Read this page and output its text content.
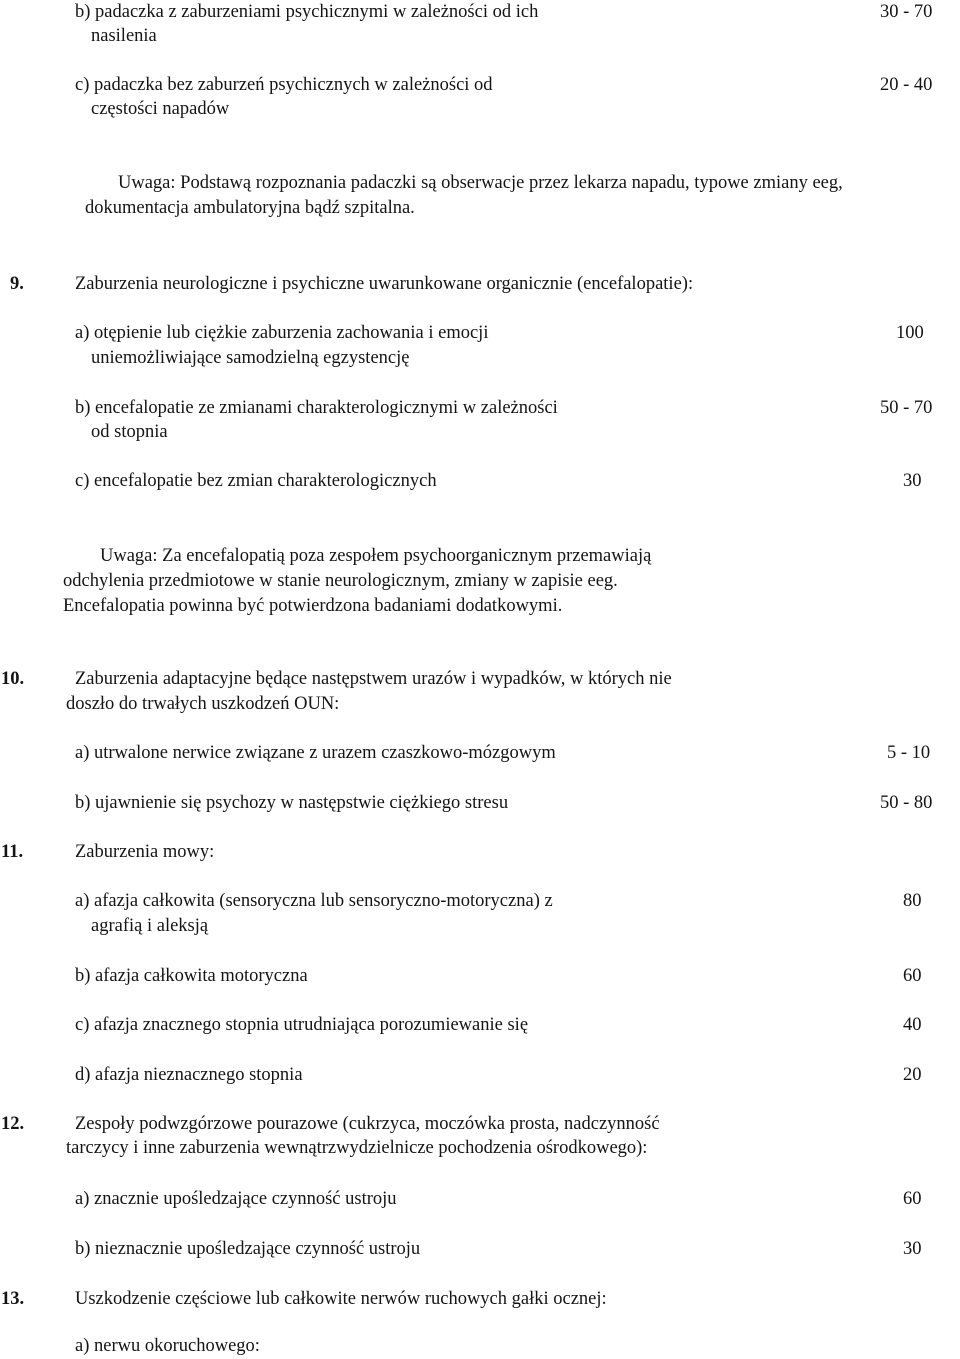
b) padaczka z zaburzeniami psychicznymi w zależności od ich
nasilenia
30 - 70
c) padaczka bez zaburzeń psychicznych w zależności od
częstości napadów
20 - 40
Uwaga: Podstawą rozpoznania padaczki są obserwacje przez lekarza napadu, typowe zmiany eeg,
dokumentacja ambulatoryjna bądź szpitalna.
9.	Zaburzenia neurologiczne i psychiczne uwarunkowane organicznie (encefalopatie):
a) otępienie lub ciężkie zaburzenia zachowania i emocji
uniemożliwiające samodzielną egzystencję
100
b) encefalopatie ze zmianami charakterologicznymi w zależności
od stopnia
50 - 70
c) encefalopatie bez zmian charakterologicznych	30
Uwaga: Za encefalopatią poza zespołem psychoorganicznym przemawiają
odchylenia przedmiotowe w stanie neurologicznym, zmiany w zapisie eeg.
Encefalopatia powinna być potwierdzona badaniami dodatkowymi.
10.	Zaburzenia adaptacyjne będące następstwem urazów i wypadków, w których nie
doszło do trwałych uszkodzeń OUN:
a) utrwalone nerwice związane z urazem czaszkowo-mózgowym	5 - 10
b) ujawnienie się psychozy w następstwie ciężkiego stresu	50 - 80
11.	Zaburzenia mowy:
a) afazja całkowita (sensoryczna lub sensoryczno-motoryczna) z
agrafią i aleksją
80
b) afazja całkowita motoryczna	60
c) afazja znacznego stopnia utrudniająca porozumiewanie się	40
d) afazja nieznacznego stopnia	20
12.	Zespoły podwzgórzowe pourazowe (cukrzyca, moczówka prosta, nadczynność
tarczycy i inne zaburzenia wewnątrzwydzielnicze pochodzenia ośrodkowego):
a) znacznie upośledzające czynność ustroju	60
b) nieznacznie upośledzające czynność ustroju	30
13.	Uszkodzenie częściowe lub całkowite nerwów ruchowych gałki ocznej:
a) nerwu okoruchowego:
